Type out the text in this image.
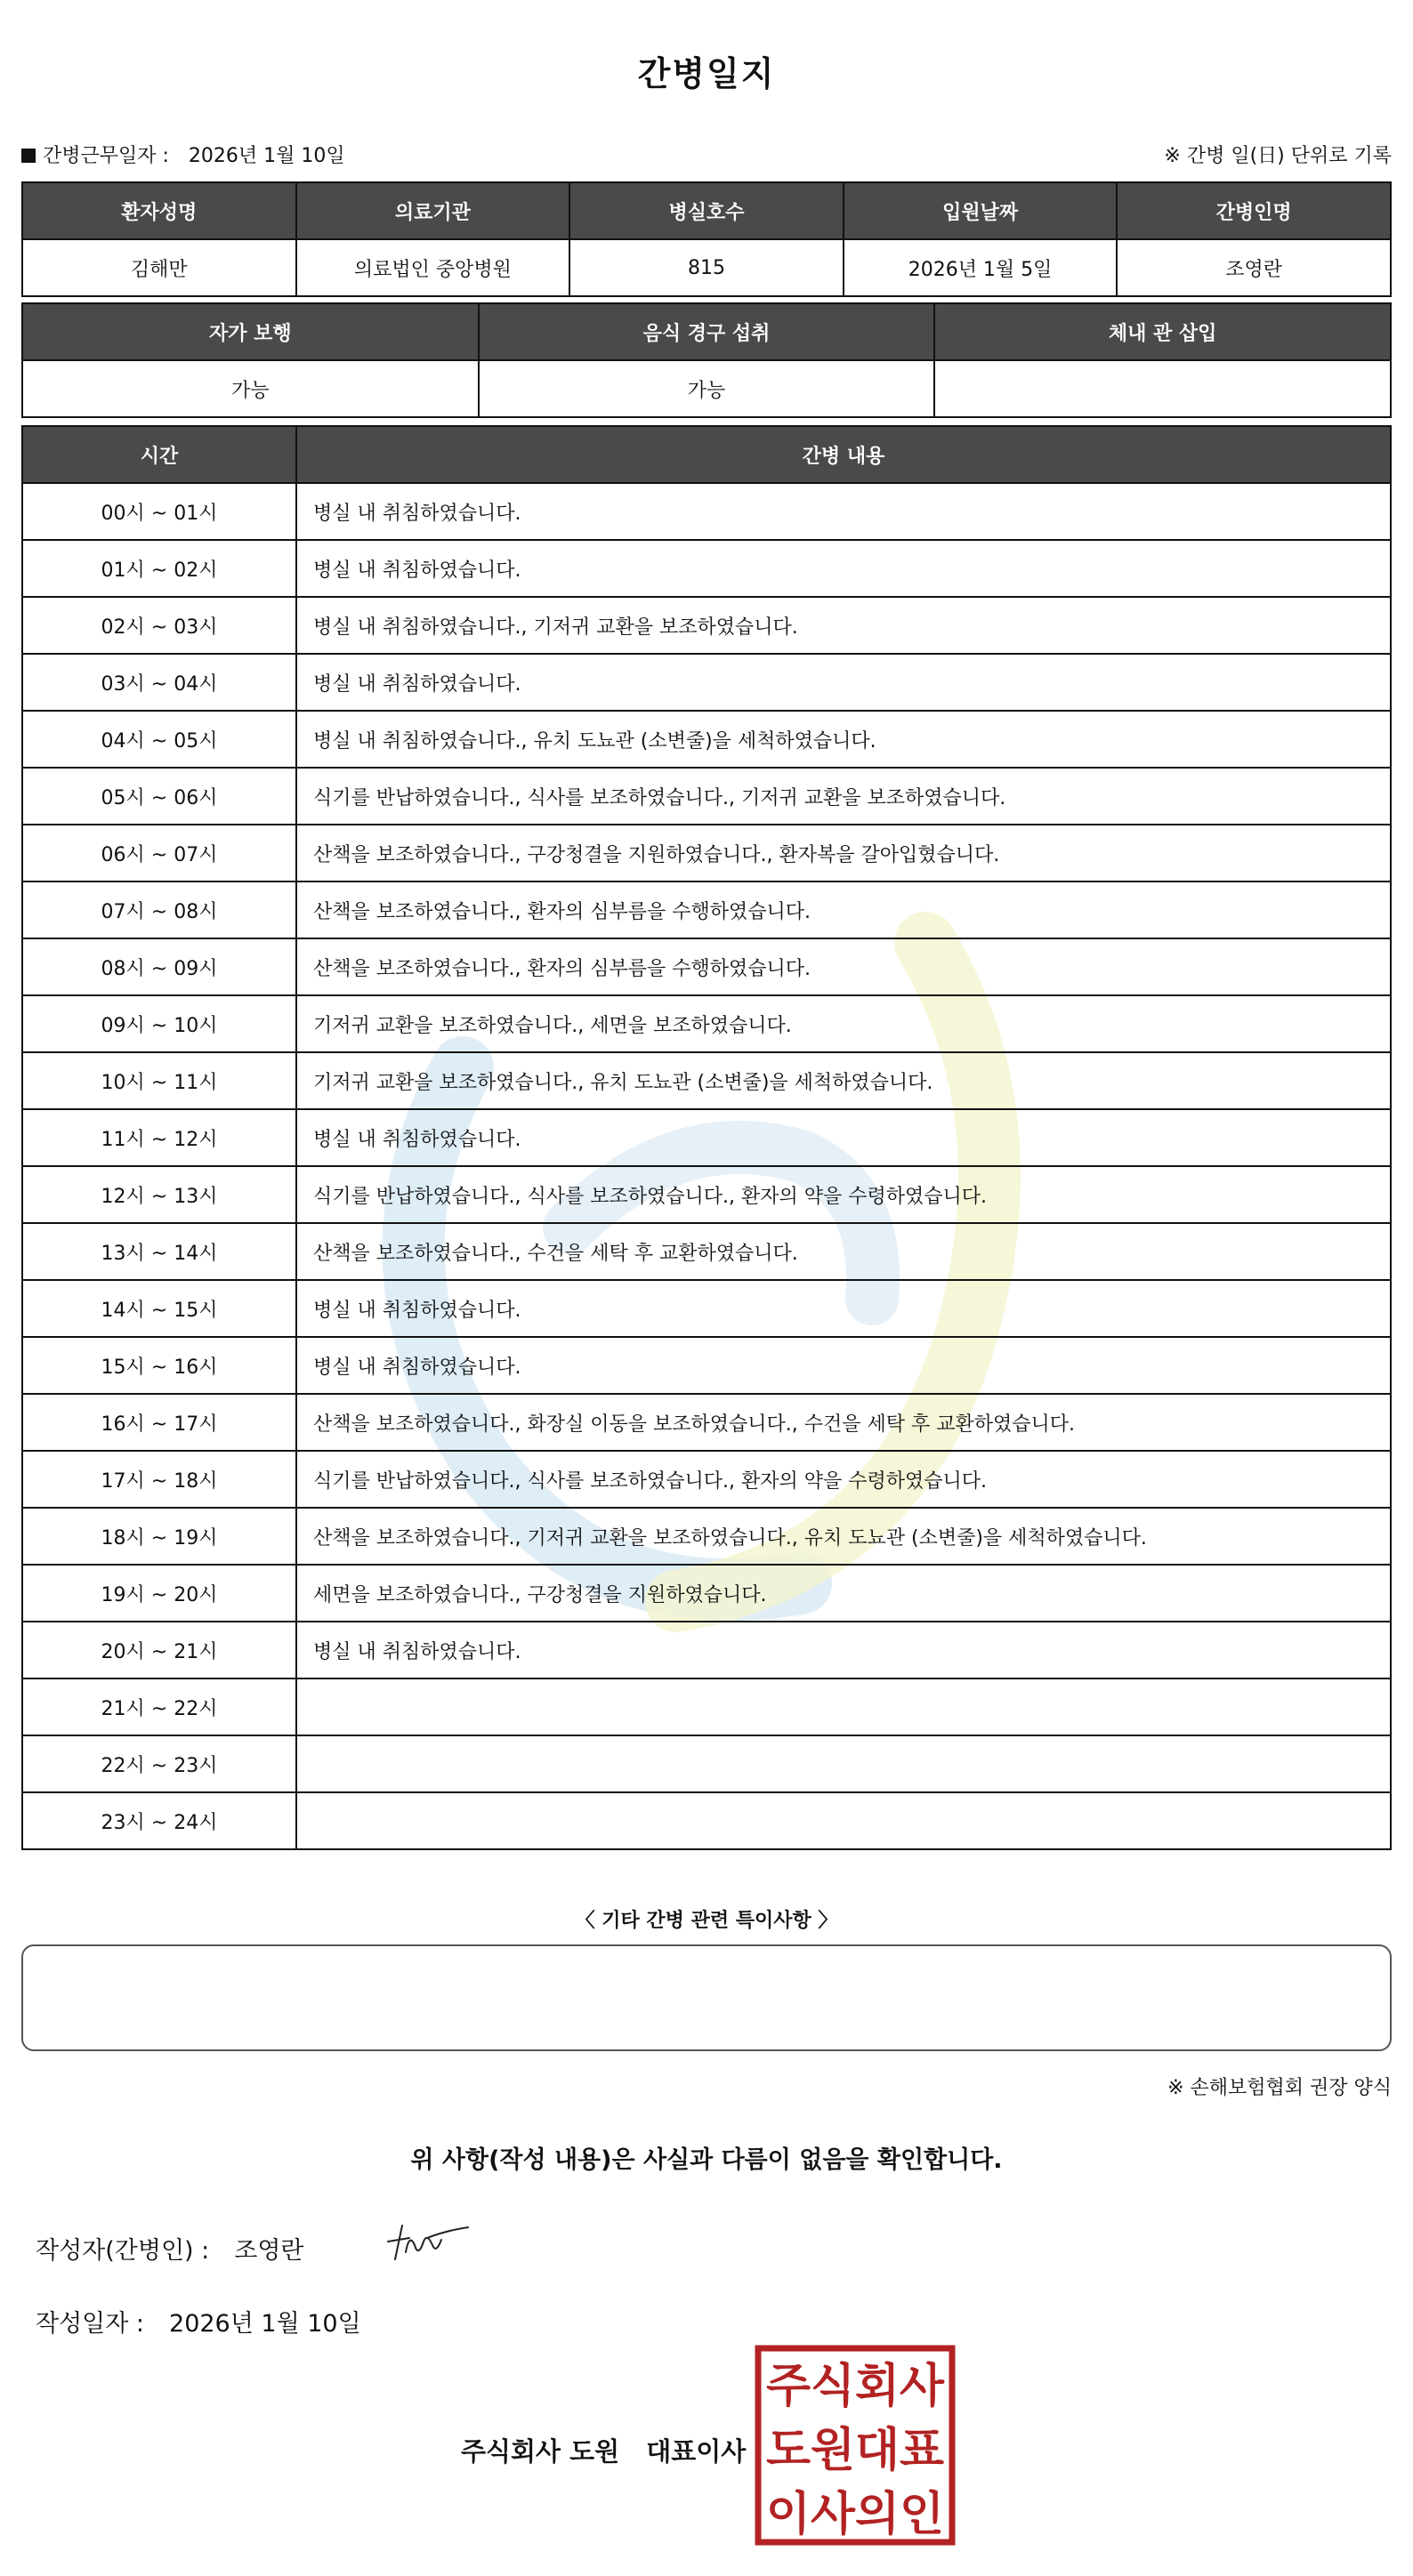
간병일지
간병근무일자 : 2026년 1월 10일	※ 간병 일(日) 단위로 기록
환자성명	의료기관	병실호수	입원날짜	간병인명
김해만	의료법인 중앙병원	815	2026년 1월 5일	조영란
자가 보행	음식 경구 섭취	체내 관 삽입
가능	가능	
시간	간병 내용
00시 ~ 01시	병실 내 취침하였습니다.
01시 ~ 02시	병실 내 취침하였습니다.
02시 ~ 03시	병실 내 취침하였습니다., 기저귀 교환을 보조하였습니다.
03시 ~ 04시	병실 내 취침하였습니다.
04시 ~ 05시	병실 내 취침하였습니다., 유치 도뇨관 (소변줄)을 세척하였습니다.
05시 ~ 06시	식기를 반납하였습니다., 식사를 보조하였습니다., 기저귀 교환을 보조하였습니다.
06시 ~ 07시	산책을 보조하였습니다., 구강청결을 지원하였습니다., 환자복을 갈아입혔습니다.
07시 ~ 08시	산책을 보조하였습니다., 환자의 심부름을 수행하였습니다.
08시 ~ 09시	산책을 보조하였습니다., 환자의 심부름을 수행하였습니다.
09시 ~ 10시	기저귀 교환을 보조하였습니다., 세면을 보조하였습니다.
10시 ~ 11시	기저귀 교환을 보조하였습니다., 유치 도뇨관 (소변줄)을 세척하였습니다.
11시 ~ 12시	병실 내 취침하였습니다.
12시 ~ 13시	식기를 반납하였습니다., 식사를 보조하였습니다., 환자의 약을 수령하였습니다.
13시 ~ 14시	산책을 보조하였습니다., 수건을 세탁 후 교환하였습니다.
14시 ~ 15시	병실 내 취침하였습니다.
15시 ~ 16시	병실 내 취침하였습니다.
16시 ~ 17시	산책을 보조하였습니다., 화장실 이동을 보조하였습니다., 수건을 세탁 후 교환하였습니다.
17시 ~ 18시	식기를 반납하였습니다., 식사를 보조하였습니다., 환자의 약을 수령하였습니다.
18시 ~ 19시	산책을 보조하였습니다., 기저귀 교환을 보조하였습니다., 유치 도뇨관 (소변줄)을 세척하였습니다.
19시 ~ 20시	세면을 보조하였습니다., 구강청결을 지원하였습니다.
20시 ~ 21시	병실 내 취침하였습니다.
21시 ~ 22시	
22시 ~ 23시	
23시 ~ 24시	
〈 기타 간병 관련 특이사항 〉
※ 손해보험협회 권장 양식
위 사항(작성 내용)은 사실과 다름이 없음을 확인합니다.
작성자(간병인) : 조영란
작성일자 : 2026년 1월 10일
주식회사 도원 대표이사
주식회사
도원대표
이사의인
